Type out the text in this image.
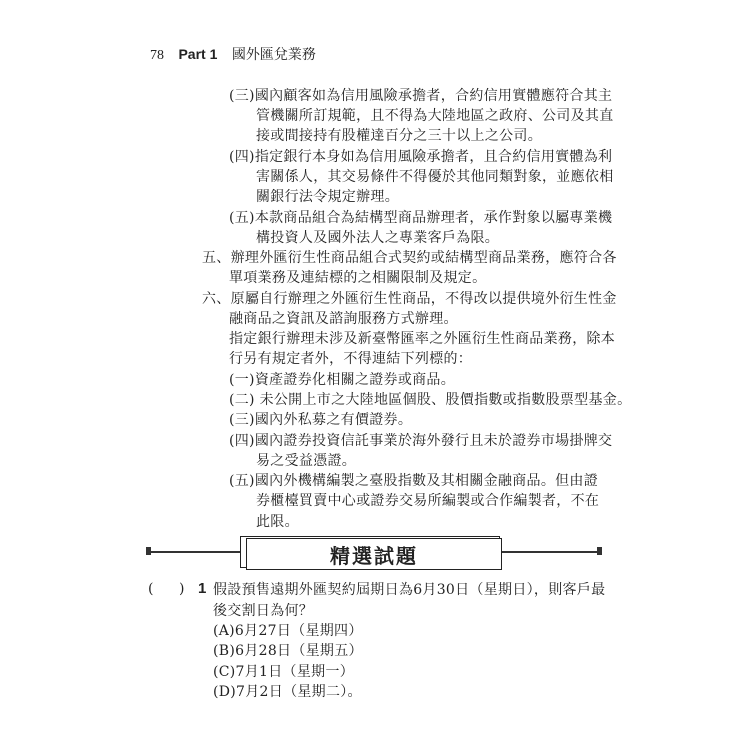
78 Part 1 國外匯兌業務
(三)國內顧客如為信用風險承擔者，合約信用實體應符合其主
管機關所訂規範，且不得為大陸地區之政府、公司及其直
接或間接持有股權達百分之三十以上之公司。
(四)指定銀行本身如為信用風險承擔者，且合約信用實體為利
害關係人，其交易條件不得優於其他同類對象，並應依相
關銀行法令規定辦理。
(五)本款商品組合為結構型商品辦理者，承作對象以屬專業機
構投資人及國外法人之專業客戶為限。
五、辦理外匯衍生性商品組合式契約或結構型商品業務，應符合各
單項業務及連結標的之相關限制及規定。
六、原屬自行辦理之外匯衍生性商品，不得改以提供境外衍生性金
融商品之資訊及諮詢服務方式辦理。
指定銀行辦理未涉及新臺幣匯率之外匯衍生性商品業務，除本
行另有規定者外，不得連結下列標的：
(一)資產證券化相關之證券或商品。
(二) 未公開上市之大陸地區個股、股價指數或指數股票型基金。
(三)國內外私募之有價證券。
(四)國內證券投資信託事業於海外發行且未於證券市場掛牌交
易之受益憑證。
(五)國內外機構編製之臺股指數及其相關金融商品。但由證
券櫃檯買賣中心或證券交易所編製或合作編製者，不在
此限。
精選試題
( ) 1 假設預售遠期外匯契約屆期日為6月30日（星期日），則客戶最
後交割日為何？
(A)6月27日（星期四）
(B)6月28日（星期五）
(C)7月1日（星期一）
(D)7月2日（星期二）。
